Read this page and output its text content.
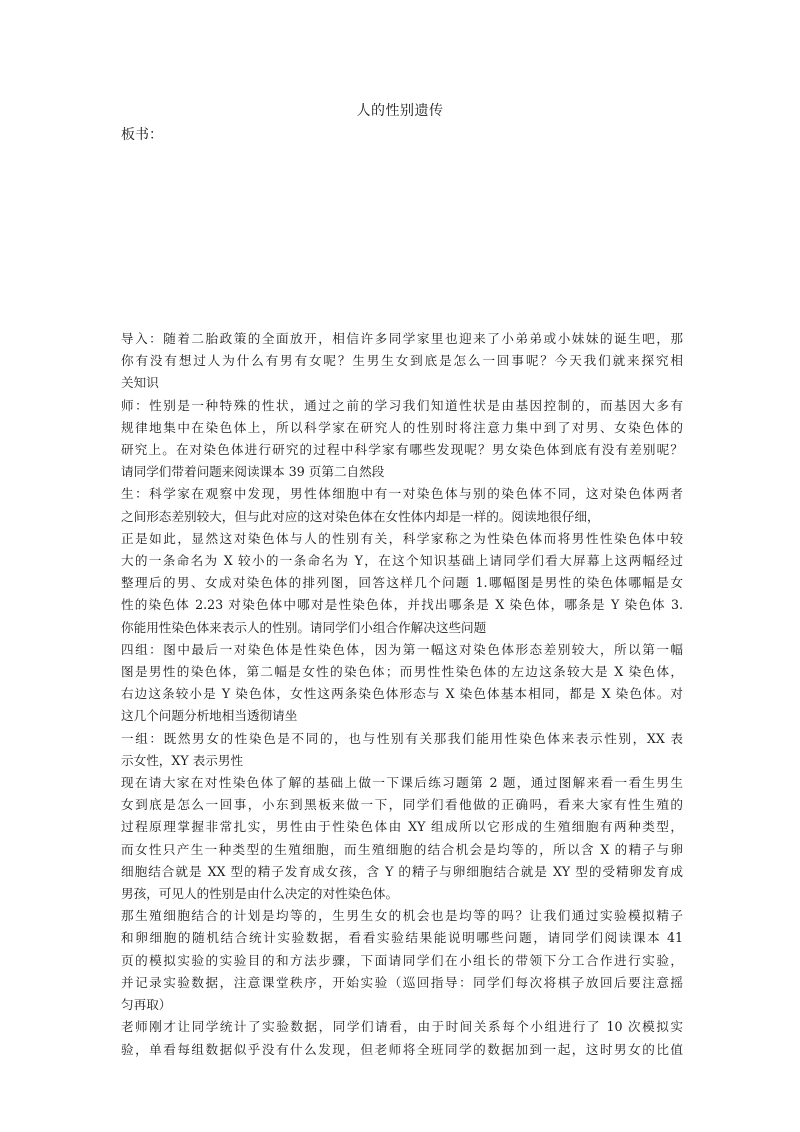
人的性别遗传
板书：
导入：随着二胎政策的全面放开，相信许多同学家里也迎来了小弟弟或小妹妹的诞生吧，那
你有没有想过人为什么有男有女呢？生男生女到底是怎么一回事呢？今天我们就来探究相
关知识
师：性别是一种特殊的性状，通过之前的学习我们知道性状是由基因控制的，而基因大多有
规律地集中在染色体上，所以科学家在研究人的性别时将注意力集中到了对男、女染色体的
研究上。在对染色体进行研究的过程中科学家有哪些发现呢？男女染色体到底有没有差别呢？
请同学们带着问题来阅读课本 39 页第二自然段
生：科学家在观察中发现，男性体细胞中有一对染色体与别的染色体不同，这对染色体两者
之间形态差别较大，但与此对应的这对染色体在女性体内却是一样的。阅读地很仔细，
正是如此，显然这对染色体与人的性别有关，科学家称之为性染色体而将男性性染色体中较
大的一条命名为 X 较小的一条命名为 Y，在这个知识基础上请同学们看大屏幕上这两幅经过
整理后的男、女成对染色体的排列图，回答这样几个问题 1.哪幅图是男性的染色体哪幅是女
性的染色体 2.23 对染色体中哪对是性染色体，并找出哪条是 X 染色体，哪条是 Y 染色体 3.
你能用性染色体来表示人的性别。请同学们小组合作解决这些问题
四组：图中最后一对染色体是性染色体，因为第一幅这对染色体形态差别较大，所以第一幅
图是男性的染色体，第二幅是女性的染色体；而男性性染色体的左边这条较大是 X 染色体，
右边这条较小是 Y 染色体，女性这两条染色体形态与 X 染色体基本相同，都是 X 染色体。对
这几个问题分析地相当透彻请坐
一组：既然男女的性染色是不同的，也与性别有关那我们能用性染色体来表示性别，XX 表
示女性，XY 表示男性
现在请大家在对性染色体了解的基础上做一下课后练习题第 2 题，通过图解来看一看生男生
女到底是怎么一回事，小东到黑板来做一下，同学们看他做的正确吗，看来大家有性生殖的
过程原理掌握非常扎实，男性由于性染色体由 XY 组成所以它形成的生殖细胞有两种类型，
而女性只产生一种类型的生殖细胞，而生殖细胞的结合机会是均等的，所以含 X 的精子与卵
细胞结合就是 XX 型的精子发育成女孩，含 Y 的精子与卵细胞结合就是 XY 型的受精卵发育成
男孩，可见人的性别是由什么决定的对性染色体。
那生殖细胞结合的计划是均等的，生男生女的机会也是均等的吗？让我们通过实验模拟精子
和卵细胞的随机结合统计实验数据，看看实验结果能说明哪些问题，请同学们阅读课本 41
页的模拟实验的实验目的和方法步骤，下面请同学们在小组长的带领下分工合作进行实验，
并记录实验数据，注意课堂秩序，开始实验（巡回指导：同学们每次将棋子放回后要注意摇
匀再取）
老师刚才让同学统计了实验数据，同学们请看，由于时间关系每个小组进行了 10 次模拟实
验，单看每组数据似乎没有什么发现，但老师将全班同学的数据加到一起，这时男女的比值
